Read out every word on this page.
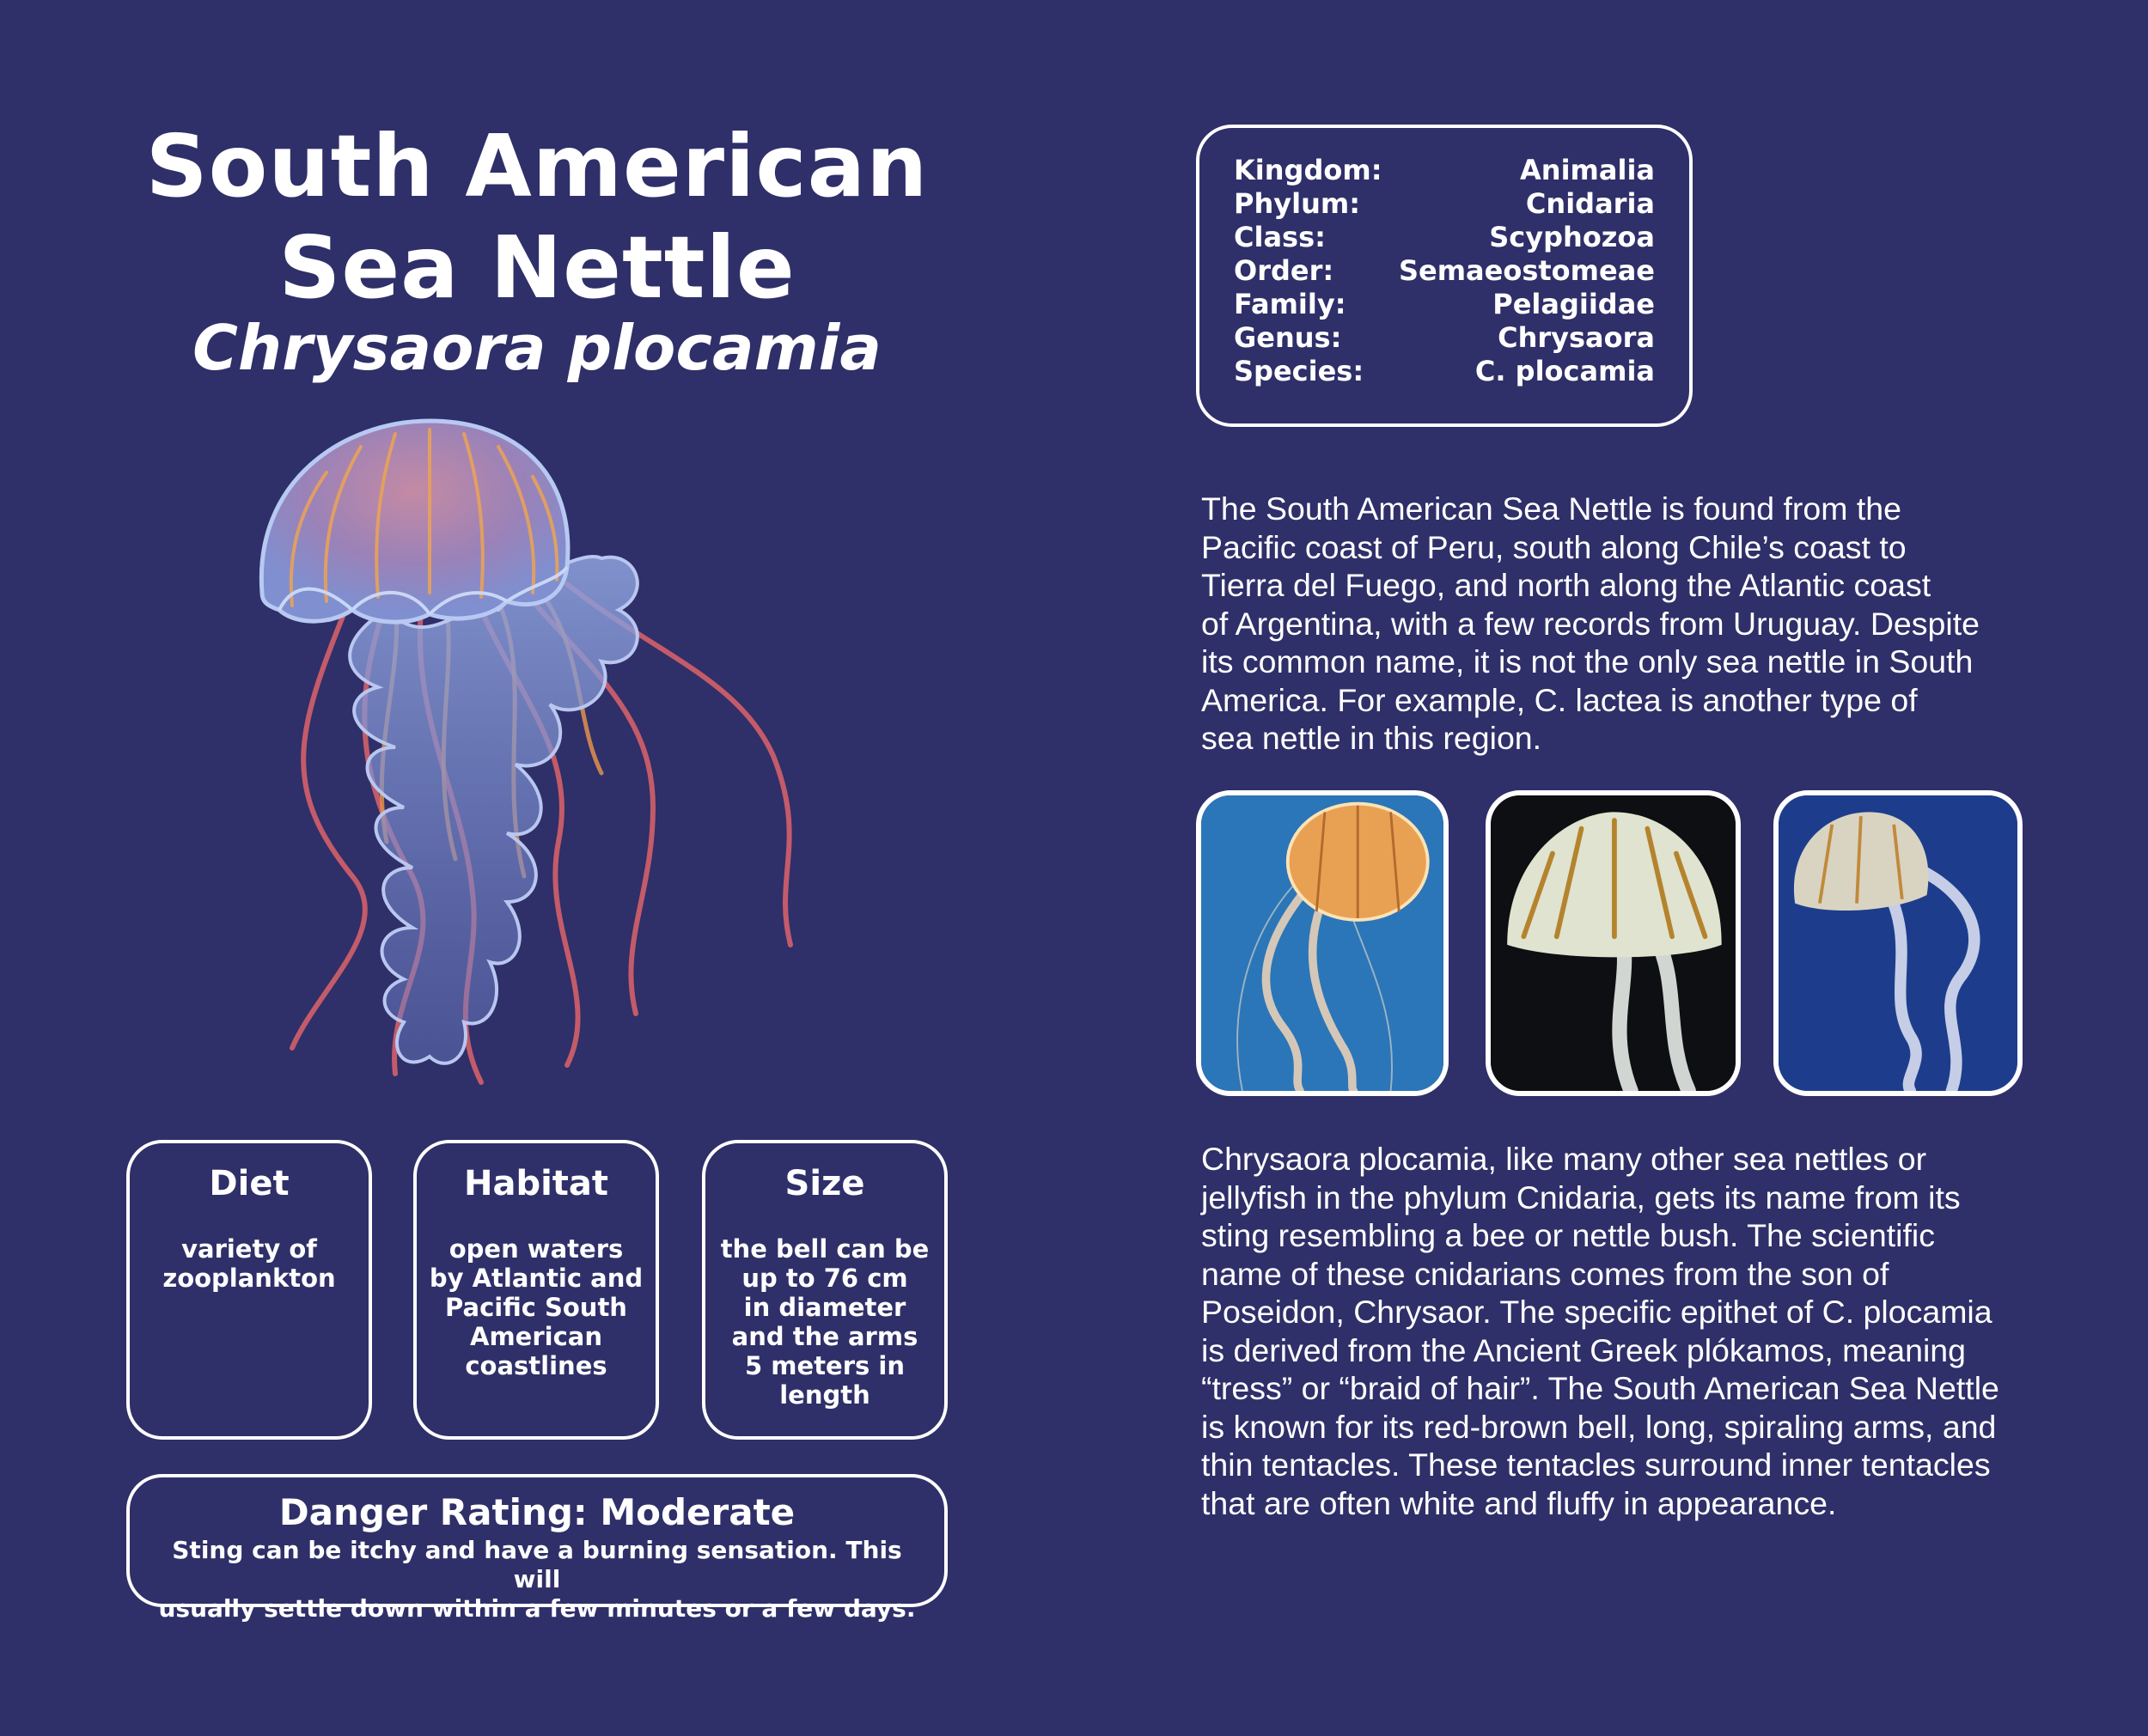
South American
Sea Nettle

Chrysaora plocamia

Diet
variety of
zooplankton
Habitat
open waters
by Atlantic and
Pacific South
American
coastlines
Size
the bell can be
up to 76 cm
in diameter
and the arms
5 meters in
length
Danger Rating: Moderate
Sting can be itchy and have a burning sensation. This will
usually settle down within a few minutes or a few days.
Kingdom:	Animalia
Phylum:	Cnidaria
Class:	Scyphozoa
Order: Semaeostomeae
Family:	Pelagiidae
Genus:	Chrysaora
Species:	C. plocamia

The South American Sea Nettle is found from the
Pacific coast of Peru, south along Chile’s coast to
Tierra del Fuego, and north along the Atlantic coast
of Argentina, with a few records from Uruguay. Despite
its common name, it is not the only sea nettle in South
America. For example, C. lactea is another type of
sea nettle in this region.

Chrysaora plocamia, like many other sea nettles or
jellyfish in the phylum Cnidaria, gets its name from its
sting resembling a bee or nettle bush. The scientific
name of these cnidarians comes from the son of
Poseidon, Chrysaor. The specific epithet of C. plocamia
is derived from the Ancient Greek plókamos, meaning
“tress” or “braid of hair”. The South American Sea Nettle
is known for its red-brown bell, long, spiraling arms, and
thin tentacles. These tentacles surround inner tentacles
that are often white and fluffy in appearance.
